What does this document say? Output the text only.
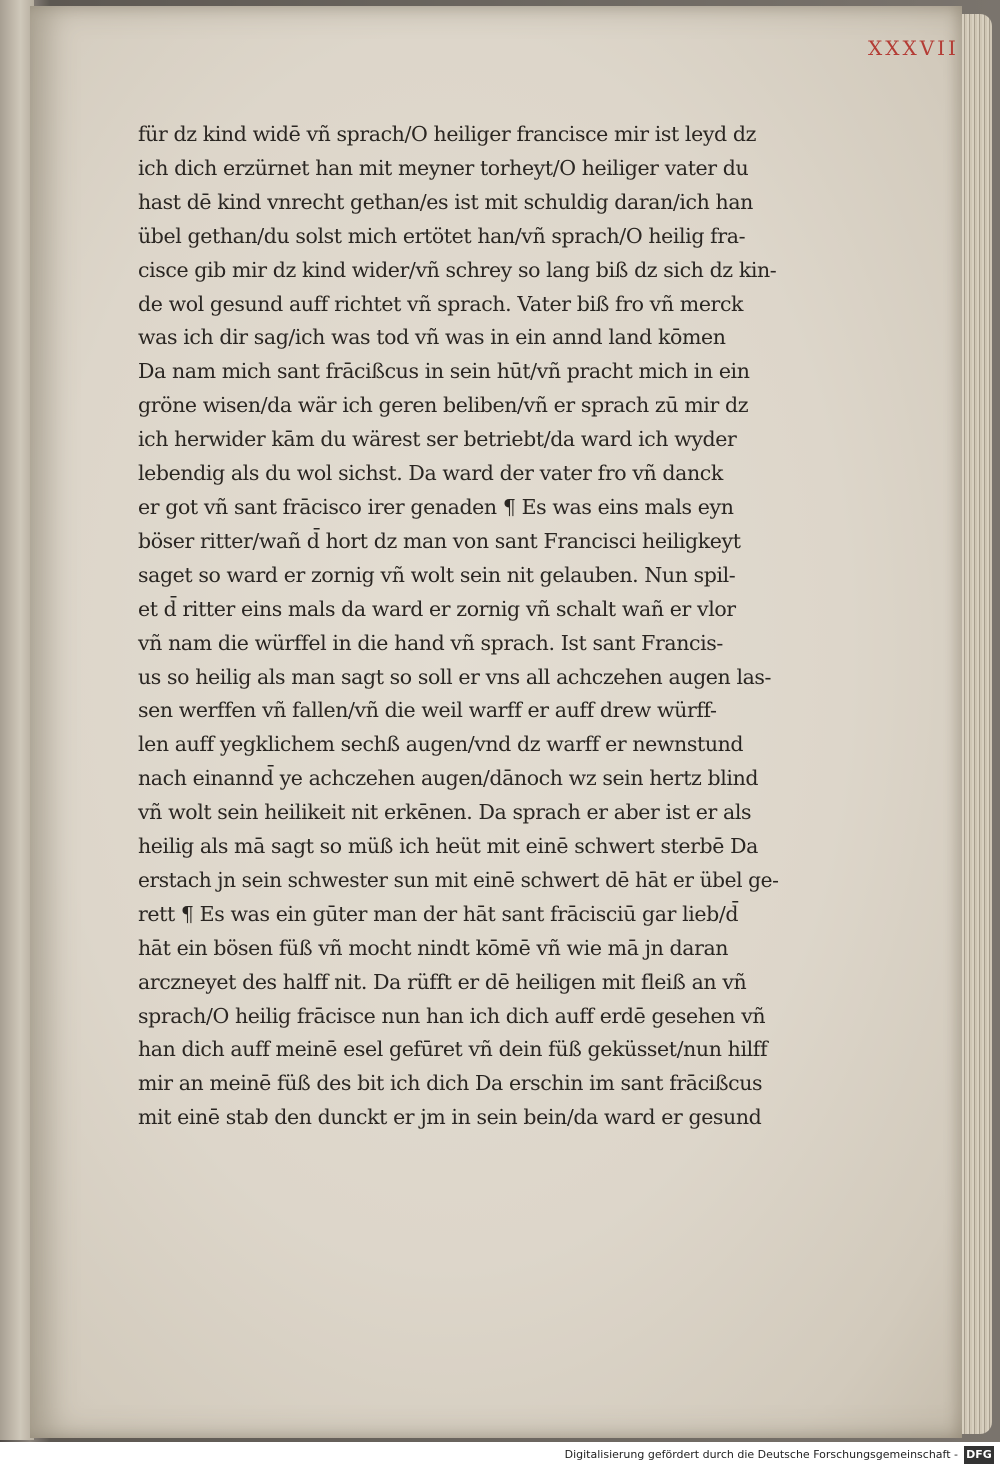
XXXVII
für dz kind widē vñ sprach/O heiliger francisce mir ist leyd dz
ich dich erzürnet han mit meyner torheyt/O heiliger vater du
hast dē kind vnrecht gethan/es ist mit schuldig daran/ich han
übel gethan/du solst mich ertötet han/vñ sprach/O heilig fra-
cisce gib mir dz kind wider/vñ schrey so lang biß dz sich dz kin-
de wol gesund auff richtet vñ sprach. Vater biß fro vñ merck
was ich dir sag/ich was tod vñ was in ein annd land kōmen
Da nam mich sant frācißcus in sein hūt/vñ pracht mich in ein
gröne wisen/da wär ich geren beliben/vñ er sprach zū mir dz
ich herwider kām du wärest ser betriebt/da ward ich wyder
lebendig als du wol sichst. Da ward der vater fro vñ danck
er got vñ sant frācisco irer genaden ¶ Es was eins mals eyn
böser ritter/wañ d̄ hort dz man von sant Francisci heiligkeyt
saget so ward er zornig vñ wolt sein nit gelauben. Nun spil-
et d̄ ritter eins mals da ward er zornig vñ schalt wañ er vlor
vñ nam die würffel in die hand vñ sprach. Ist sant Francis-
us so heilig als man sagt so soll er vns all achczehen augen las-
sen werffen vñ fallen/vñ die weil warff er auff drew würff-
len auff yegklichem sechß augen/vnd dz warff er newnstund
nach einannd̄ ye achczehen augen/dānoch wz sein hertz blind
vñ wolt sein heilikeit nit erkēnen. Da sprach er aber ist er als
heilig als mā sagt so müß ich heüt mit einē schwert sterbē Da
erstach jn sein schwester sun mit einē schwert dē hāt er übel ge-
rett ¶ Es was ein gūter man der hāt sant frācisciū gar lieb/d̄
hāt ein bösen füß vñ mocht nindt kōmē vñ wie mā jn daran
arczneyet des halff nit. Da rüfft er dē heiligen mit fleiß an vñ
sprach/O heilig frācisce nun han ich dich auff erdē gesehen vñ
han dich auff meinē esel gefūret vñ dein füß geküsset/nun hilff
mir an meinē füß des bit ich dich Da erschin im sant frācißcus
mit einē stab den dunckt er jm in sein bein/da ward er gesund
Digitalisierung gefördert durch die Deutsche Forschungsgemeinschaft - DFG
